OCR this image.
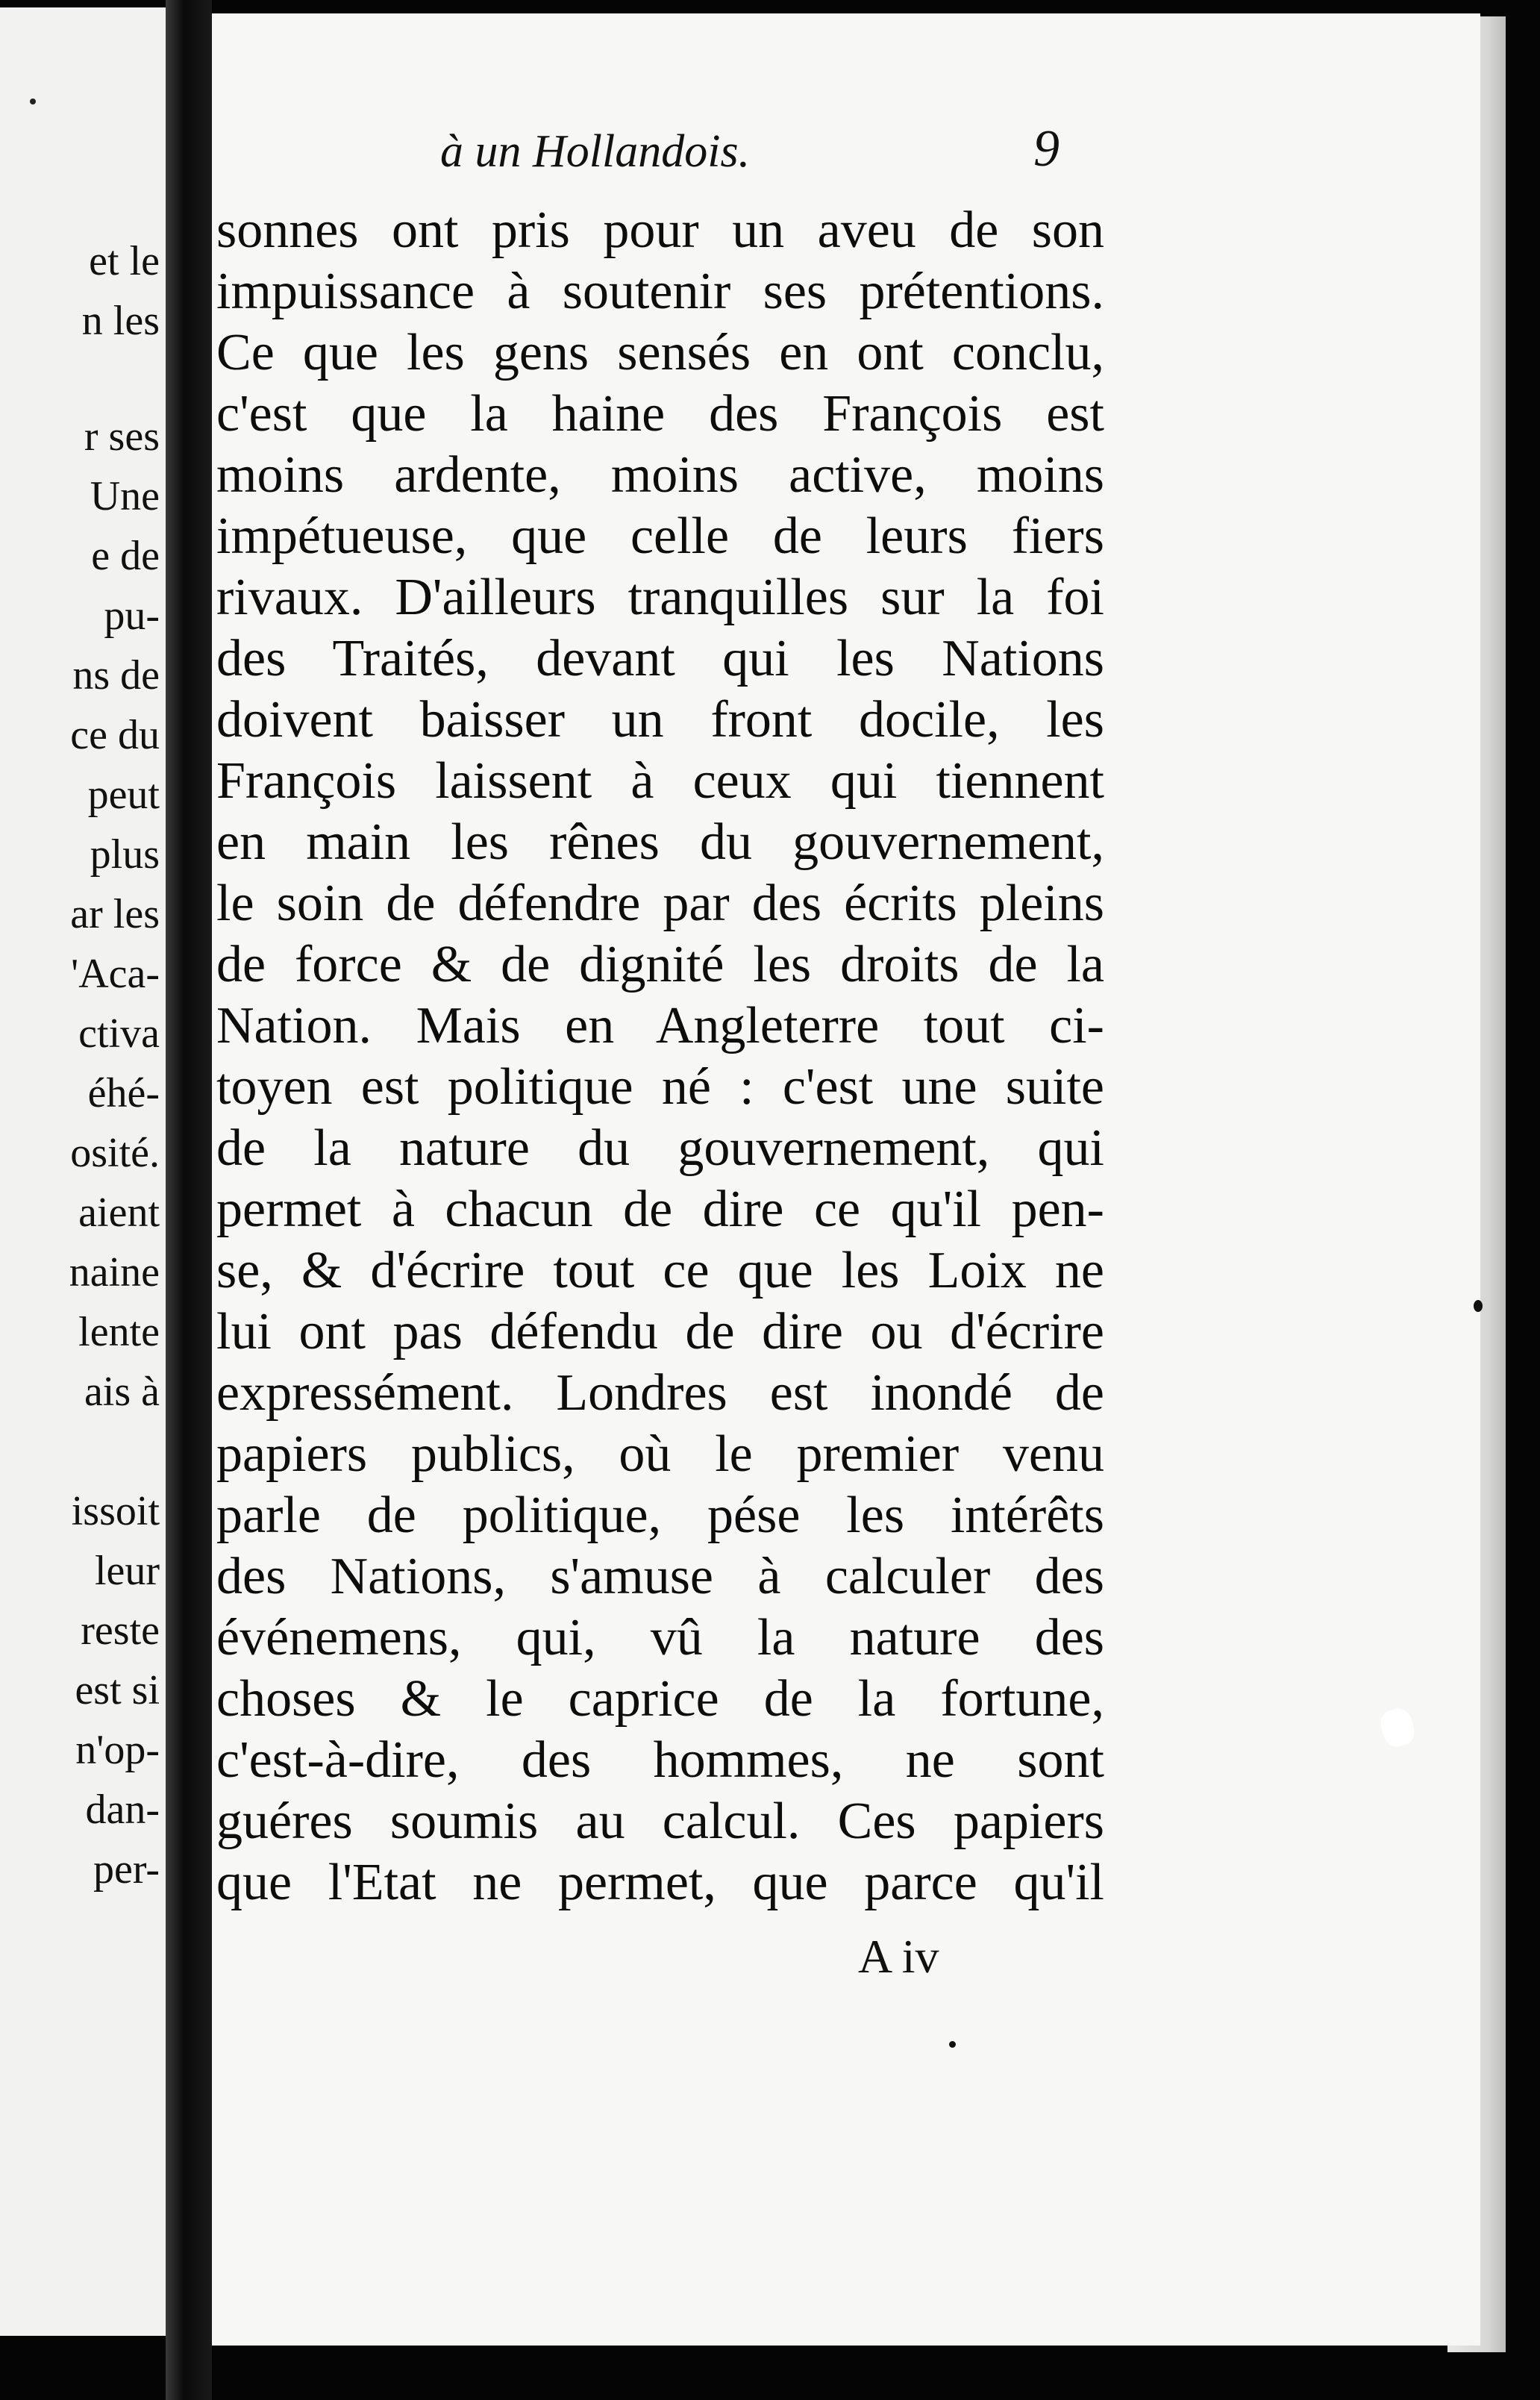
et le
n les
r ses
Une
e de
pu-
ns de
ce du
peut
plus
ar les
'Aca-
ctiva
éhé-
osité.
aient
naine
lente
ais à
issoit
leur
reste
est si
n'op-
dan-
per-
à un Hollandois.	9
sonnes ont pris pour un aveu de son
impuissance à soutenir ses prétentions.
Ce que les gens sensés en ont conclu,
c'est que la haine des François est
moins ardente, moins active, moins
impétueuse, que celle de leurs fiers
rivaux. D'ailleurs tranquilles sur la foi
des Traités, devant qui les Nations
doivent baisser un front docile, les
François laissent à ceux qui tiennent
en main les rênes du gouvernement,
le soin de défendre par des écrits pleins
de force & de dignité les droits de la
Nation. Mais en Angleterre tout ci-
toyen est politique né : c'est une suite
de la nature du gouvernement, qui
permet à chacun de dire ce qu'il pen-
se, & d'écrire tout ce que les Loix ne
lui ont pas défendu de dire ou d'écrire
expressément. Londres est inondé de
papiers publics, où le premier venu
parle de politique, pése les intérêts
des Nations, s'amuse à calculer des
événemens, qui, vû la nature des
choses & le caprice de la fortune,
c'est-à-dire, des hommes, ne sont
guéres soumis au calcul. Ces papiers
que l'Etat ne permet, que parce qu'il
A iv
